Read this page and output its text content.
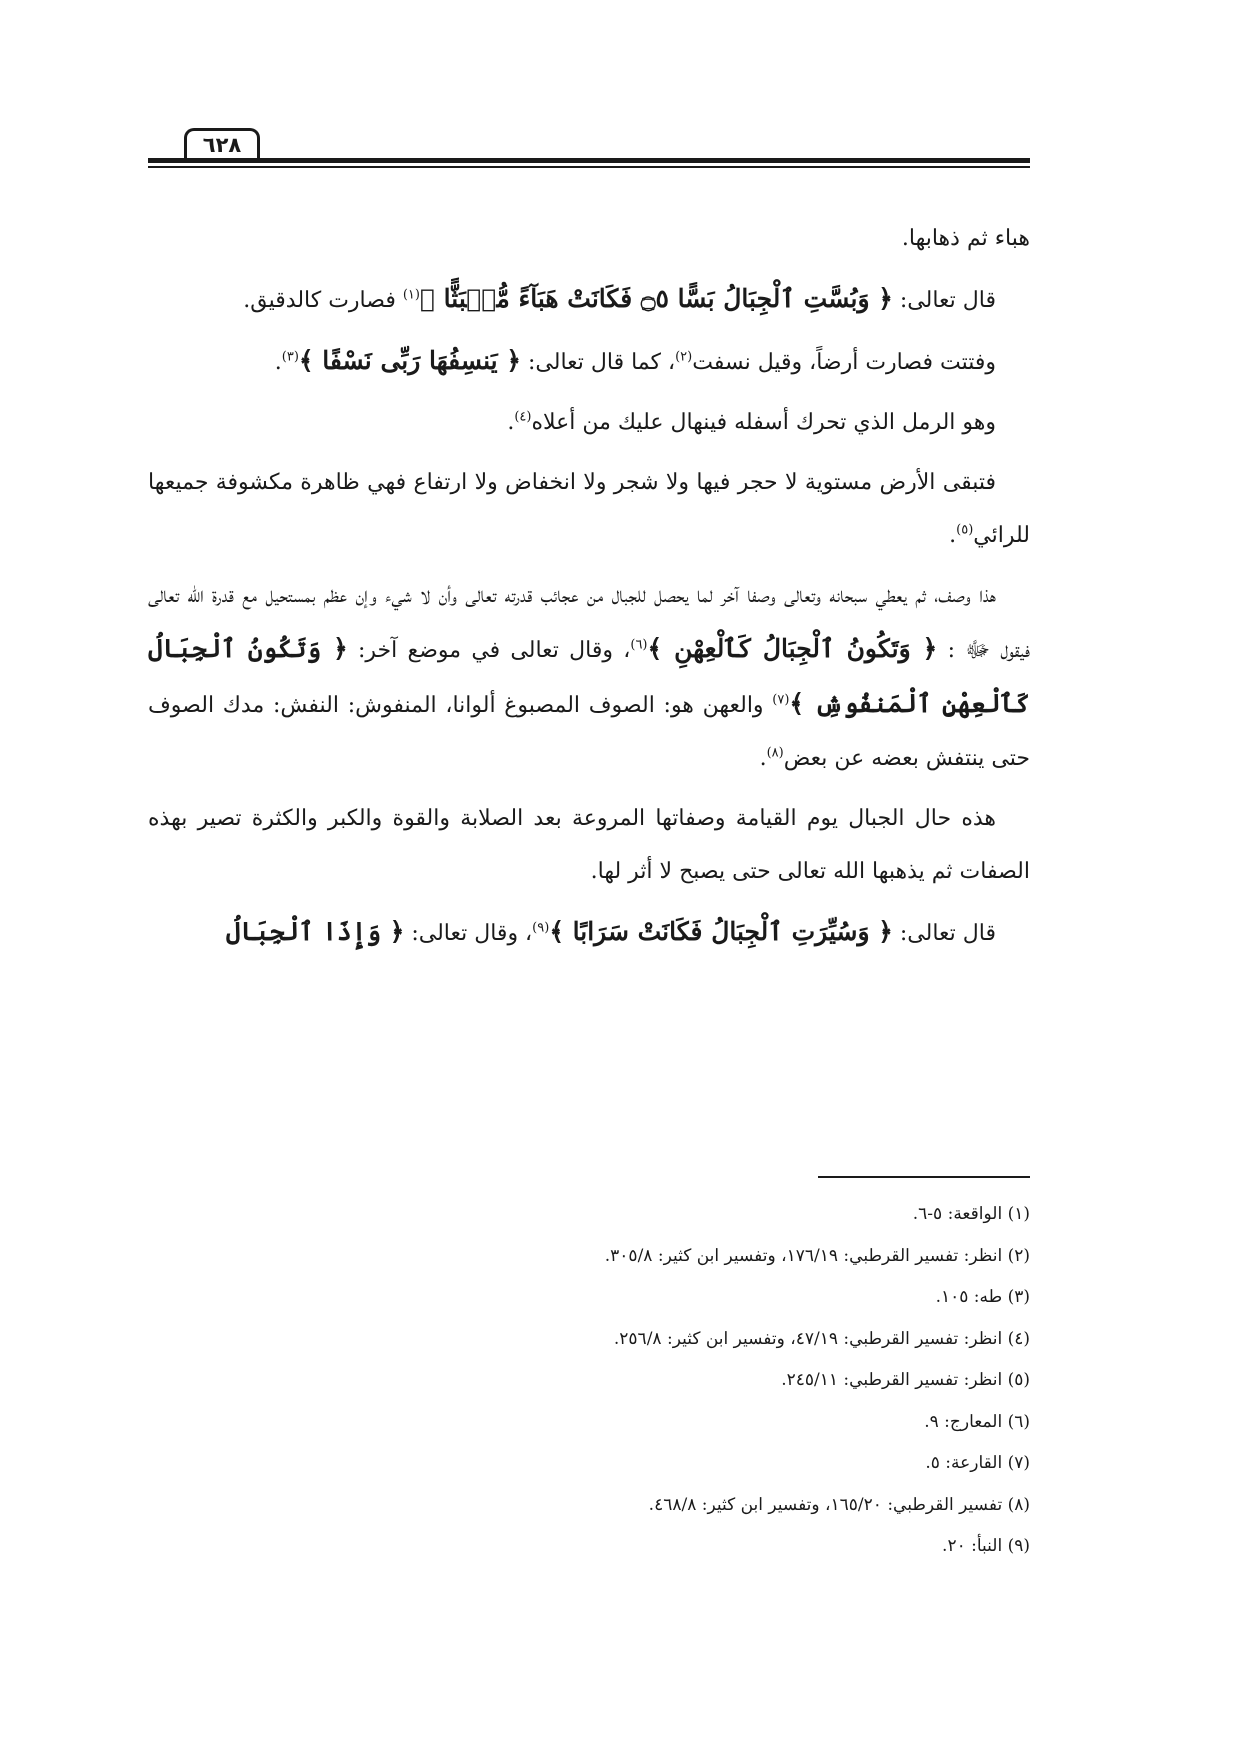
٦٢٨

هباء ثم ذهابها.

قال تعالى: ﴿ وَبُسَّتِ ٱلْجِبَالُ بَسًّا ۝٥ فَكَانَتْ هَبَآءً مُّنۢبَثًّا ﴾$^{(١)}$ فصارت كالدقيق.

وفتتت فصارت أرضاً، وقيل نسفت$^{(٢)}$، كما قال تعالى: ﴿ يَنسِفُهَا رَبِّى نَسْفًا ﴾$^{(٣)}$.

وهو الرمل الذي تحرك أسفله فينهال عليك من أعلاه$^{(٤)}$.

فتبقى الأرض مستوية لا حجر فيها ولا شجر ولا انخفاض ولا ارتفاع فهي ظاهرة مكشوفة جميعها للرائي$^{(٥)}$.

هذا وصف، ثم يعطي سبحانه وتعالى وصفا آخر لما يحصل للجبال من عجائب قدرته تعالى وأن لا شيء وإن عظم بمستحيل مع قدرة الله تعالى فيقول ﷻ : ﴿ وَتَكُونُ ٱلْجِبَالُ كَٱلْعِهْنِ ﴾$^{(٦)}$، وقال تعالى في موضع آخر: ﴿ وَتَكُونُ ٱلْجِبَالُ كَٱلْعِهْنِ ٱلْمَنفُوشِ ﴾$^{(٧)}$ والعهن هو: الصوف المصبوغ ألوانا، المنفوش: النفش: مدك الصوف حتى ينتفش بعضه عن بعض$^{(٨)}$.

هذه حال الجبال يوم القيامة وصفاتها المروعة بعد الصلابة والقوة والكبر والكثرة تصير بهذه الصفات ثم يذهبها الله تعالى حتى يصبح لا أثر لها.

قال تعالى: ﴿ وَسُيِّرَتِ ٱلْجِبَالُ فَكَانَتْ سَرَابًا ﴾$^{(٩)}$، وقال تعالى: ﴿ وَإِذَا ٱلْجِبَالُ

(١) الواقعة: ٥-٦.
(٢) انظر: تفسير القرطبي: ١٧٦/١٩، وتفسير ابن كثير: ٣٠٥/٨.
(٣) طه: ١٠٥.
(٤) انظر: تفسير القرطبي: ٤٧/١٩، وتفسير ابن كثير: ٢٥٦/٨.
(٥) انظر: تفسير القرطبي: ٢٤٥/١١.
(٦) المعارج: ٩.
(٧) القارعة: ٥.
(٨) تفسير القرطبي: ١٦٥/٢٠، وتفسير ابن كثير: ٤٦٨/٨.
(٩) النبأ: ٢٠.
